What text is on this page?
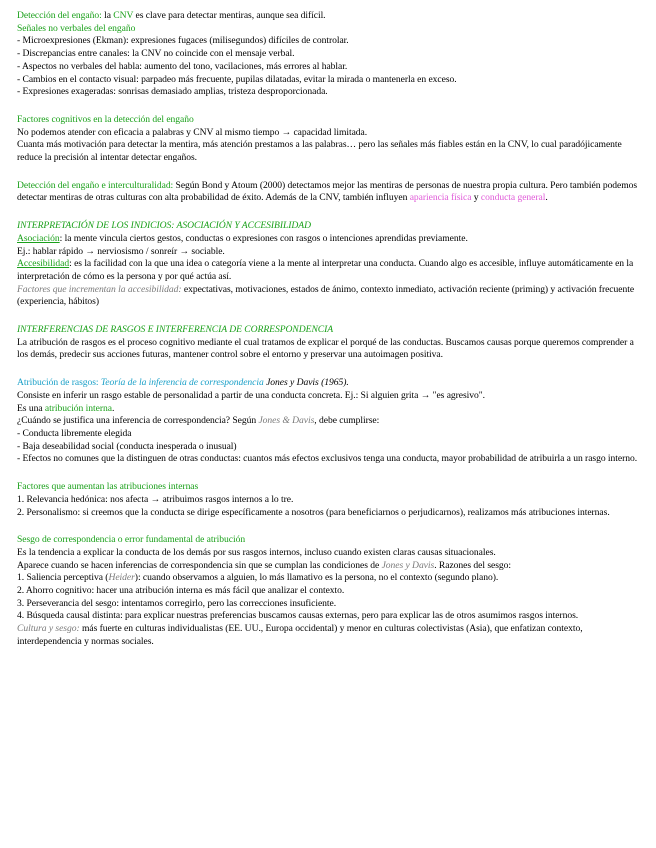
Detección del engaño: la CNV es clave para detectar mentiras, aunque sea difícil.
Señales no verbales del engaño
- Microexpresiones (Ekman): expresiones fugaces (milisegundos) difíciles de controlar.
- Discrepancias entre canales: la CNV no coincide con el mensaje verbal.
- Aspectos no verbales del habla: aumento del tono, vacilaciones, más errores al hablar.
- Cambios en el contacto visual: parpadeo más frecuente, pupilas dilatadas, evitar la mirada o mantenerla en exceso.
- Expresiones exageradas: sonrisas demasiado amplias, tristeza desproporcionada.
Factores cognitivos en la detección del engaño
No podemos atender con eficacia a palabras y CNV al mismo tiempo → capacidad limitada.
Cuanta más motivación para detectar la mentira, más atención prestamos a las palabras… pero las señales más fiables están en la CNV, lo cual paradójicamente reduce la precisión al intentar detectar engaños.
Detección del engaño e interculturalidad: Según Bond y Atoum (2000) detectamos mejor las mentiras de personas de nuestra propia cultura. Pero también podemos detectar mentiras de otras culturas con alta probabilidad de éxito. Además de la CNV, también influyen apariencia física y conducta general.
INTERPRETACIÓN DE LOS INDICIOS: ASOCIACIÓN Y ACCESIBILIDAD
Asociación: la mente vincula ciertos gestos, conductas o expresiones con rasgos o intenciones aprendidas previamente.
Ej.: hablar rápido → nerviosismo / sonreír → sociable.
Accesibilidad: es la facilidad con la que una idea o categoría viene a la mente al interpretar una conducta. Cuando algo es accesible, influye automáticamente en la interpretación de cómo es la persona y por qué actúa así.
Factores que incrementan la accesibilidad: expectativas, motivaciones, estados de ánimo, contexto inmediato, activación reciente (priming) y activación frecuente (experiencia, hábitos)
INTERFERENCIAS DE RASGOS E INTERFERENCIA DE CORRESPONDENCIA
La atribución de rasgos es el proceso cognitivo mediante el cual tratamos de explicar el porqué de las conductas. Buscamos causas porque queremos comprender a los demás, predecir sus acciones futuras, mantener control sobre el entorno y preservar una autoimagen positiva.
Atribución de rasgos: Teoría de la inferencia de correspondencia Jones y Davis (1965).
Consiste en inferir un rasgo estable de personalidad a partir de una conducta concreta. Ej.: Si alguien grita → "es agresivo".
Es una atribución interna.
¿Cuándo se justifica una inferencia de correspondencia? Según Jones & Davis, debe cumplirse:
- Conducta libremente elegida
- Baja deseabilidad social (conducta inesperada o inusual)
- Efectos no comunes que la distinguen de otras conductas: cuantos más efectos exclusivos tenga una conducta, mayor probabilidad de atribuirla a un rasgo interno.
Factores que aumentan las atribuciones internas
1. Relevancia hedónica: nos afecta → atribuimos rasgos internos a lo tre.
2. Personalismo: si creemos que la conducta se dirige específicamente a nosotros (para beneficiarnos o perjudicarnos), realizamos más atribuciones internas.
Sesgo de correspondencia o error fundamental de atribución
Es la tendencia a explicar la conducta de los demás por sus rasgos internos, incluso cuando existen claras causas situacionales.
Aparece cuando se hacen inferencias de correspondencia sin que se cumplan las condiciones de Jones y Davis. Razones del sesgo:
1. Saliencia perceptiva (Heider): cuando observamos a alguien, lo más llamativo es la persona, no el contexto (segundo plano).
2. Ahorro cognitivo: hacer una atribución interna es más fácil que analizar el contexto.
3. Perseverancia del sesgo: intentamos corregirlo, pero las correcciones insuficiente.
4. Búsqueda causal distinta: para explicar nuestras preferencias buscamos causas externas, pero para explicar las de otros asumimos rasgos internos.
Cultura y sesgo: más fuerte en culturas individualistas (EE. UU., Europa occidental) y menor en culturas colectivistas (Asia), que enfatizan contexto, interdependencia y normas sociales.
